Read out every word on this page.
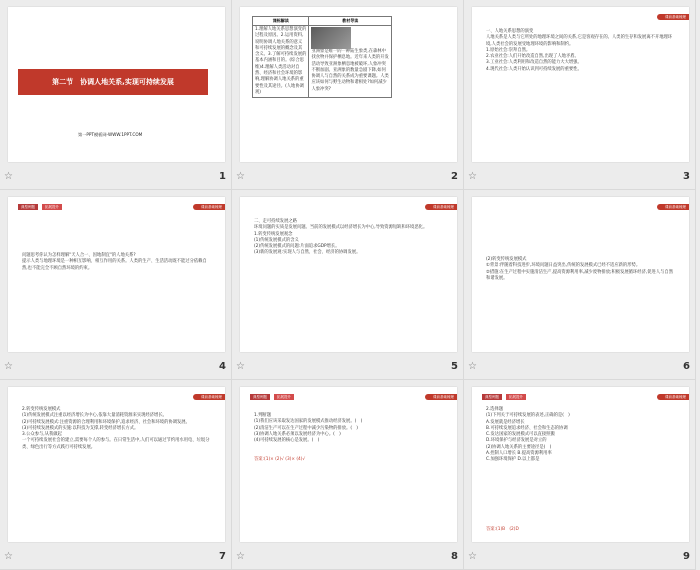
第二节　协调人地关系,实现可持续发展
第一PPT模板网-WWW.1PPT.COM
☆	1
课标解读	教材导读
1.理解人地关系思想演变的过程及原因。2.运用资料,说明协调人地关系的意义和可持续发展的概念及其含义。3.了解可持续发展的基本内涵和目的。(综合思维)4.理解人类活动对自然、经济和社会环境的影响,理解协调人地关系的重要性及其途径。(人地协调观)	亚洲象是唯一的一种陆生象类,在森林中找食物并保护栖息地。近年来人类的开发活动导致亚洲象栖息地被破坏,人象冲突不断加剧。亚洲象的数量急剧下降,如何协调人与自然的关系成为重要课题。人类应该如何与野生动物和谐相处?如何减少人象冲突?
☆	2
课前基础梳理
一、人地关系思想的演变
人地关系是人类与它所处的地理环境之间的关系,它是客观存在的。人类的生存和发展离不开地理环境,人类社会的发展受地理环境的影响和制约。
1.原始社会:崇拜自然。
2.农业社会:人们开始改造自然,出现了人地矛盾。
3.工业社会:人类利用和改造自然的能力大大增强。
4.现代社会:人类开始认识到可持续发展的重要性。
☆	3
典型例题	拓展提升	课前基础梳理
问题思考你认为怎样理解"天人合一、因地制宜"的人地关系?
提示人类与地理环境是一种相互影响、相互作用的关系。人类的生产、生活活动既不能过分依赖自然,也不能完全不顾自然环境的约束。
☆	4
课前基础梳理
二、走可持续发展之路
环境问题的实质是发展问题。当前的发展模式以经济增长为中心,导致资源短缺和环境恶化。
1.转变传统发展观念
(1)传统发展模式的含义
(2)传统发展模式的问题:片面追求GDP增长。
(3)新的发展观:实现人与自然、社会、经济的协调发展。
☆	5
课前基础梳理
(2)转变传统发展模式
①背景:伴随着科技进步,环境问题日益突出,传统的发展模式已经不适应新的形势。
②措施:在生产过程中实施清洁生产,提高资源利用率,减少废物排放;积极发展循环经济,促进人与自然和谐发展。
☆	6
课前基础梳理
2.转变传统发展模式
(1)传统发展模式注重以经济增长为中心,依靠大量消耗资源来实现经济增长。
(2)可持续发展模式:注重资源的合理利用和环境保护,追求经济、社会和环境的协调发展。
(3)可持续发展模式的实施:以科技为支撑,转变经济增长方式。
3.公众参与,从我做起
一个可持续发展社会的建立,需要每个人的参与。在日常生活中,人们可以通过节约用水用电、垃圾分类、绿色出行等方式践行可持续发展。
☆	7
典型例题	拓展提升	课前基础梳理
1.判断题
(1)我们应该采取发达国家的发展模式推动经济发展。(　)
(2)清洁生产可以在生产过程中减少污染物的排放。(　)
(3)协调人地关系必须以发展经济为中心。(　)
(4)可持续发展的核心是发展。(　)
答案:(1)× (2)√ (3)× (4)√
☆	8
典型例题	拓展提升	课前基础梳理
2.选择题
(1)下列关于可持续发展的表述,正确的是(　)
A.发展就是经济增长
B.可持续发展追求经济、社会和生态的协调
C.发达国家的发展模式可以直接照搬
D.环境保护与经济发展是对立的
(2)协调人地关系的主要途径是(　)
A.控制人口增长 B.提高资源利用率
C.加强环境保护 D.以上都是
答案:(1)B　(2)D
☆	9
